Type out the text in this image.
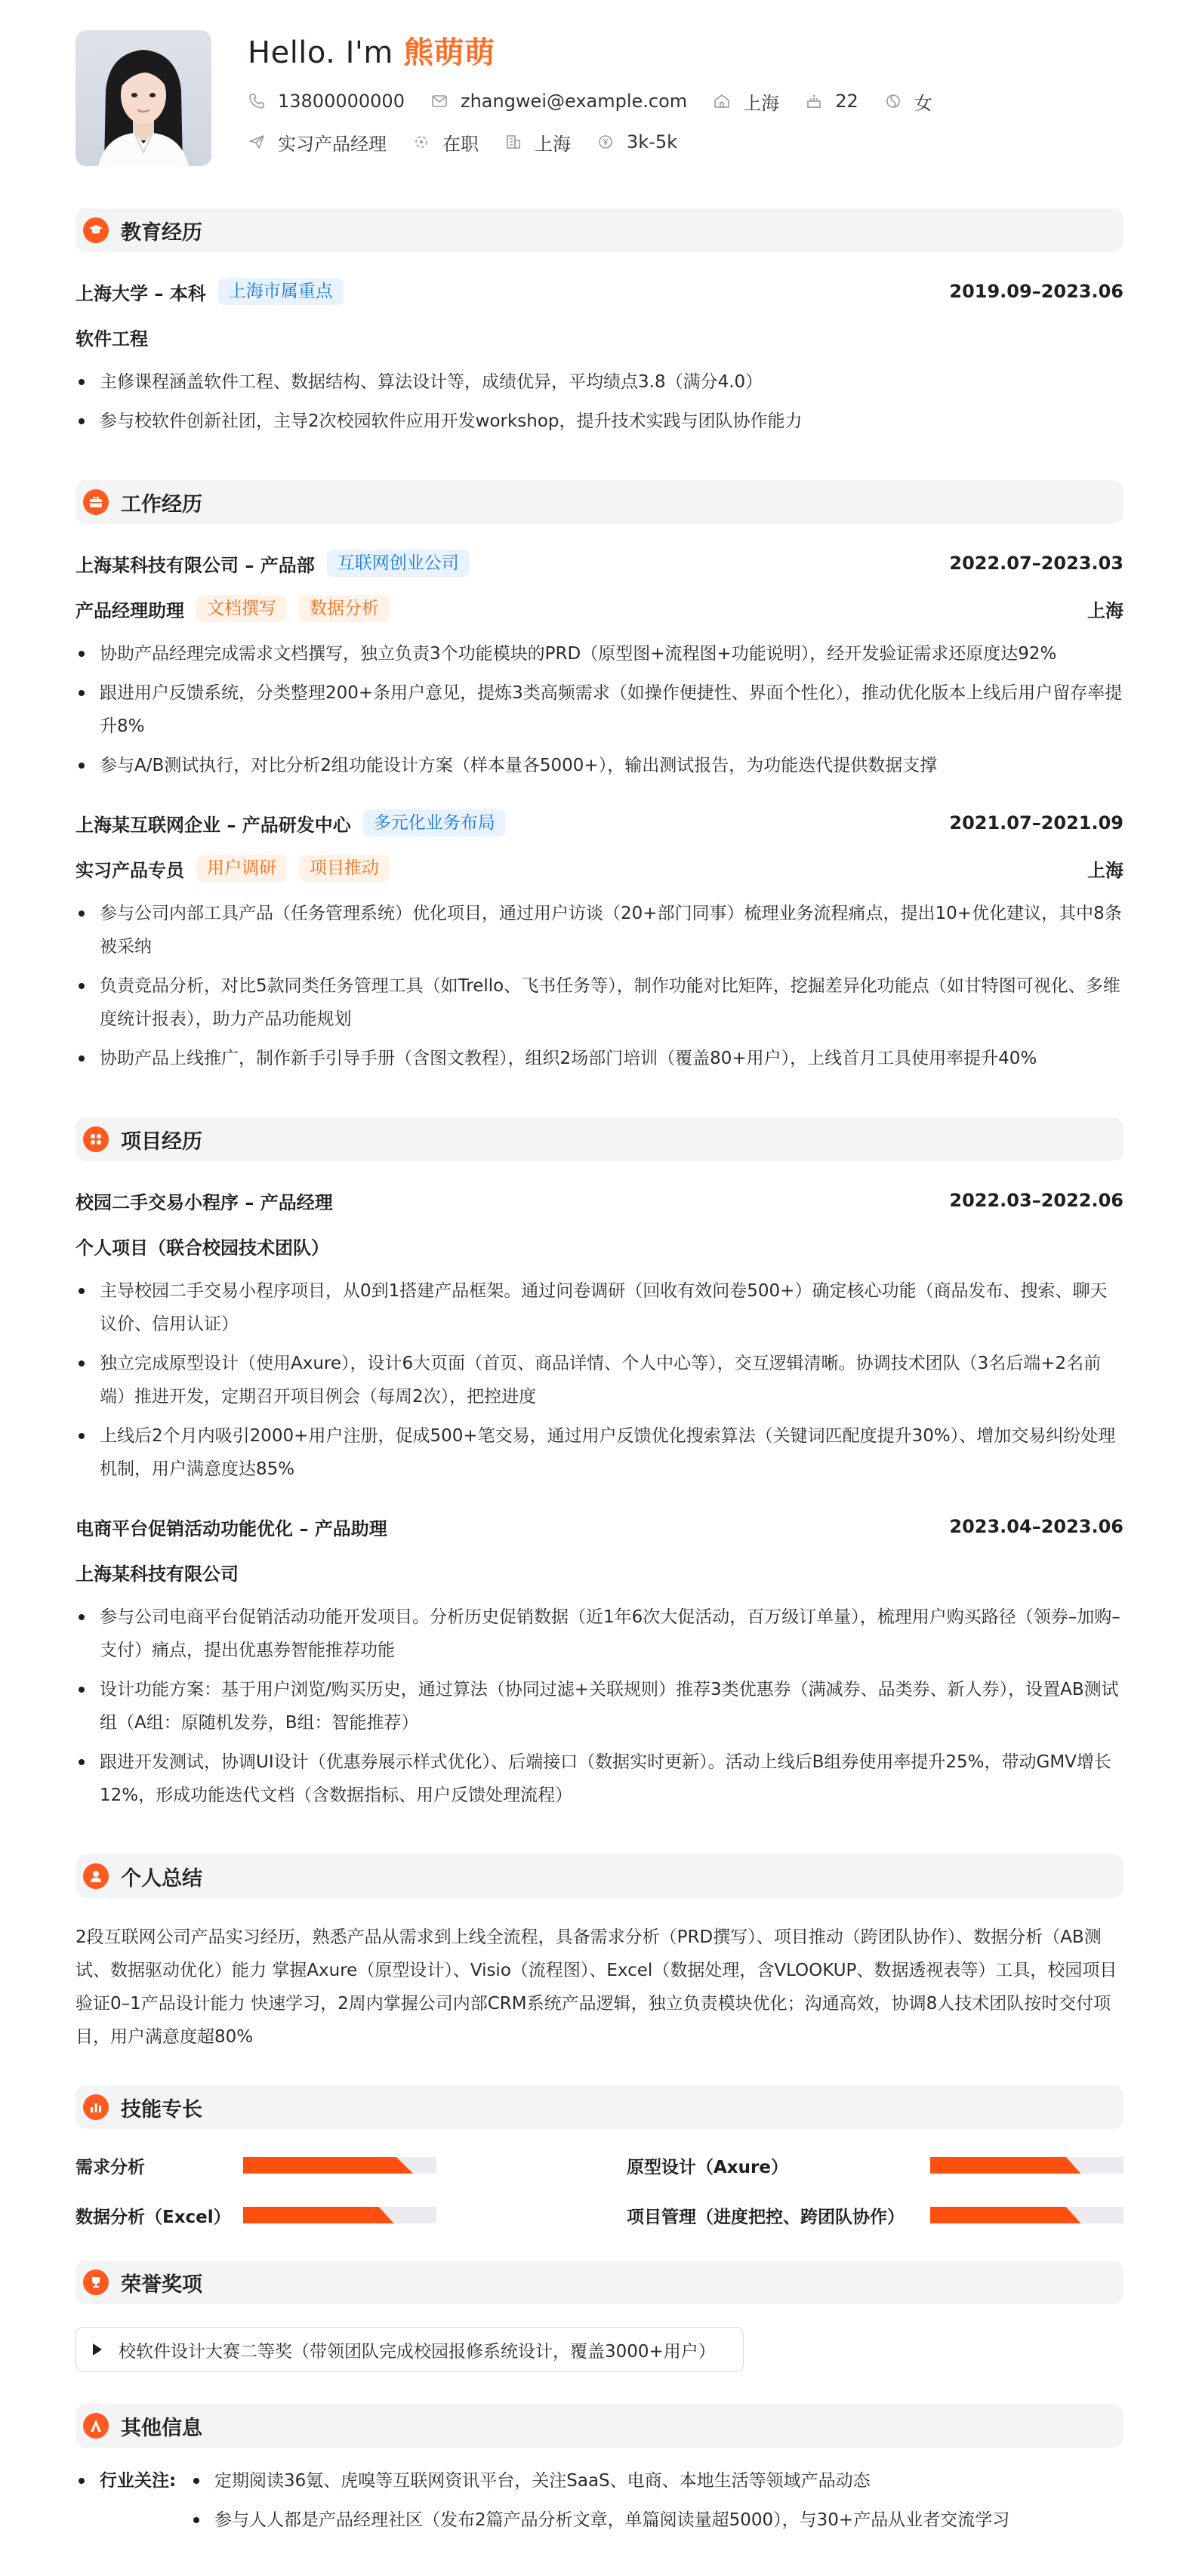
Hello. I'm 熊萌萌
13800000000	zhangwei@example.com	上海	22	女
实习产品经理	在职	上海	3k-5k
教育经历
上海大学 – 本科	上海市属重点	2019.09–2023.06
软件工程
主修课程涵盖软件工程、数据结构、算法设计等，成绩优异，平均绩点3.8（满分4.0）
参与校软件创新社团，主导2次校园软件应用开发workshop，提升技术实践与团队协作能力
工作经历
上海某科技有限公司 – 产品部	互联网创业公司	2022.07–2023.03
产品经理助理	文档撰写	数据分析	上海
协助产品经理完成需求文档撰写，独立负责3个功能模块的PRD（原型图+流程图+功能说明），经开发验证需求还原度达92%
跟进用户反馈系统，分类整理200+条用户意见，提炼3类高频需求（如操作便捷性、界面个性化），推动优化版本上线后用户留存率提升8%
参与A/B测试执行，对比分析2组功能设计方案（样本量各5000+），输出测试报告，为功能迭代提供数据支撑
上海某互联网企业 – 产品研发中心	多元化业务布局	2021.07–2021.09
实习产品专员	用户调研	项目推动	上海
参与公司内部工具产品（任务管理系统）优化项目，通过用户访谈（20+部门同事）梳理业务流程痛点，提出10+优化建议，其中8条被采纳
负责竞品分析，对比5款同类任务管理工具（如Trello、飞书任务等），制作功能对比矩阵，挖掘差异化功能点（如甘特图可视化、多维度统计报表），助力产品功能规划
协助产品上线推广，制作新手引导手册（含图文教程），组织2场部门培训（覆盖80+用户），上线首月工具使用率提升40%
项目经历
校园二手交易小程序 – 产品经理	2022.03–2022.06
个人项目（联合校园技术团队）
主导校园二手交易小程序项目，从0到1搭建产品框架。通过问卷调研（回收有效问卷500+）确定核心功能（商品发布、搜索、聊天议价、信用认证）
独立完成原型设计（使用Axure），设计6大页面（首页、商品详情、个人中心等），交互逻辑清晰。协调技术团队（3名后端+2名前端）推进开发，定期召开项目例会（每周2次），把控进度
上线后2个月内吸引2000+用户注册，促成500+笔交易，通过用户反馈优化搜索算法（关键词匹配度提升30%）、增加交易纠纷处理机制，用户满意度达85%
电商平台促销活动功能优化 – 产品助理	2023.04–2023.06
上海某科技有限公司
参与公司电商平台促销活动功能开发项目。分析历史促销数据（近1年6次大促活动，百万级订单量），梳理用户购买路径（领券–加购–支付）痛点，提出优惠券智能推荐功能
设计功能方案：基于用户浏览/购买历史，通过算法（协同过滤+关联规则）推荐3类优惠券（满减券、品类券、新人券），设置AB测试组（A组：原随机发券，B组：智能推荐）
跟进开发测试，协调UI设计（优惠券展示样式优化）、后端接口（数据实时更新）。活动上线后B组券使用率提升25%，带动GMV增长12%，形成功能迭代文档（含数据指标、用户反馈处理流程）
个人总结
2段互联网公司产品实习经历，熟悉产品从需求到上线全流程，具备需求分析（PRD撰写）、项目推动（跨团队协作）、数据分析（AB测试、数据驱动优化）能力 掌握Axure（原型设计）、Visio（流程图）、Excel（数据处理，含VLOOKUP、数据透视表等）工具，校园项目验证0–1产品设计能力 快速学习，2周内掌握公司内部CRM系统产品逻辑，独立负责模块优化；沟通高效，协调8人技术团队按时交付项目，用户满意度超80%
技能专长
需求分析	原型设计（Axure）
数据分析（Excel）	项目管理（进度把控、跨团队协作）
荣誉奖项
校软件设计大赛二等奖（带领团队完成校园报修系统设计，覆盖3000+用户）
其他信息
行业关注:	定期阅读36氪、虎嗅等互联网资讯平台，关注SaaS、电商、本地生活等领域产品动态
参与人人都是产品经理社区（发布2篇产品分析文章，单篇阅读量超5000），与30+产品从业者交流学习
